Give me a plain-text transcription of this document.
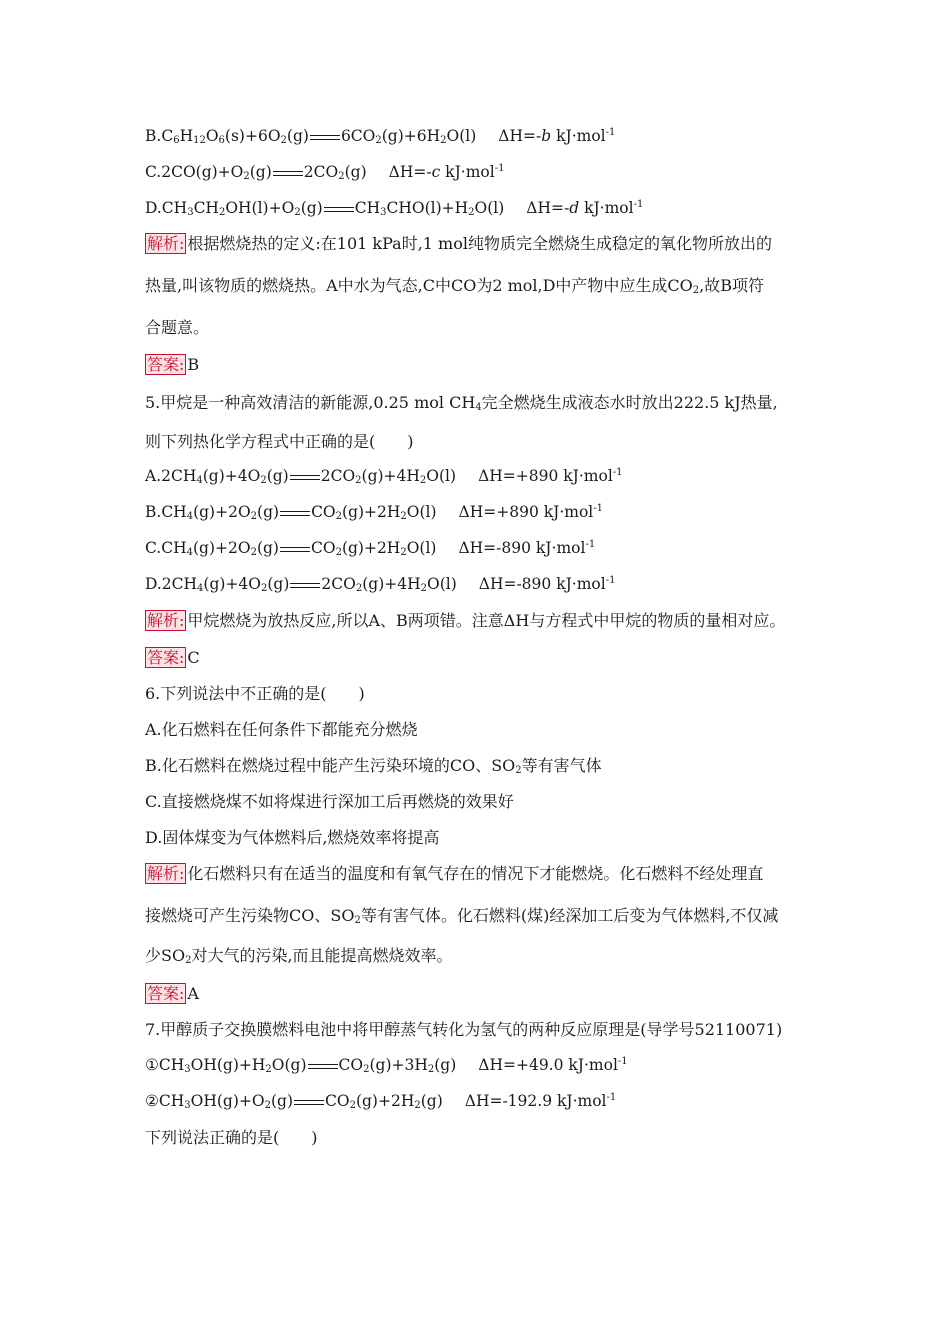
$B.C_6H_{12}O_6(s)+6O_2(g)$ $6CO_2(g)+6H_2O(l)$ ΔH=-b kJ·mol$^{-1}$
$C.2CO(g)+O_2(g)$ $2CO_2(g)$ ΔH=-c kJ·mol$^{-1}$
$D.CH_3CH_2OH(l)+O_2(g)$ $CH_3CHO(l)+H_2O(l)$ ΔH=-d kJ·mol$^{-1}$
解析: 根据燃烧热的定义:在101 kPa时,1 mol纯物质完全燃烧生成稳定的氧化物所放出的
热量,叫该物质的燃烧热。A中水为气态,C中CO为2 mol,D中产物中应生成$CO_2$,故B项符
合题意。
答案: B
5.甲烷是一种高效清洁的新能源,0.25 mol $CH_4$完全燃烧生成液态水时放出222.5 kJ热量,
则下列热化学方程式中正确的是(　　)
$A.2CH_4(g)+4O_2(g)$ $2CO_2(g)+4H_2O(l)$ ΔH=+890 kJ·mol$^{-1}$
$B.CH_4(g)+2O_2(g)$ $CO_2(g)+2H_2O(l)$ ΔH=+890 kJ·mol$^{-1}$
$C.CH_4(g)+2O_2(g)$ $CO_2(g)+2H_2O(l)$ ΔH=-890 kJ·mol$^{-1}$
$D.2CH_4(g)+4O_2(g)$ $2CO_2(g)+4H_2O(l)$ ΔH=-890 kJ·mol$^{-1}$
解析: 甲烷燃烧为放热反应,所以A、B两项错。注意ΔH与方程式中甲烷的物质的量相对应。
答案: C
6.下列说法中不正确的是(　　)
A.化石燃料在任何条件下都能充分燃烧
B.化石燃料在燃烧过程中能产生污染环境的CO、$SO_2$等有害气体
C.直接燃烧煤不如将煤进行深加工后再燃烧的效果好
D.固体煤变为气体燃料后,燃烧效率将提高
解析: 化石燃料只有在适当的温度和有氧气存在的情况下才能燃烧。化石燃料不经处理直
接燃烧可产生污染物CO、$SO_2$等有害气体。化石燃料(煤)经深加工后变为气体燃料,不仅减
少$SO_2$对大气的污染,而且能提高燃烧效率。
答案: A
7.甲醇质子交换膜燃料电池中将甲醇蒸气转化为氢气的两种反应原理是(导学号52110071)
$①CH_3OH(g)+H_2O(g)$ $CO_2(g)+3H_2(g)$ ΔH=+49.0 kJ·mol$^{-1}$
$②CH_3OH(g)+O_2(g)$ $CO_2(g)+2H_2(g)$ ΔH=-192.9 kJ·mol$^{-1}$
下列说法正确的是(　　)
